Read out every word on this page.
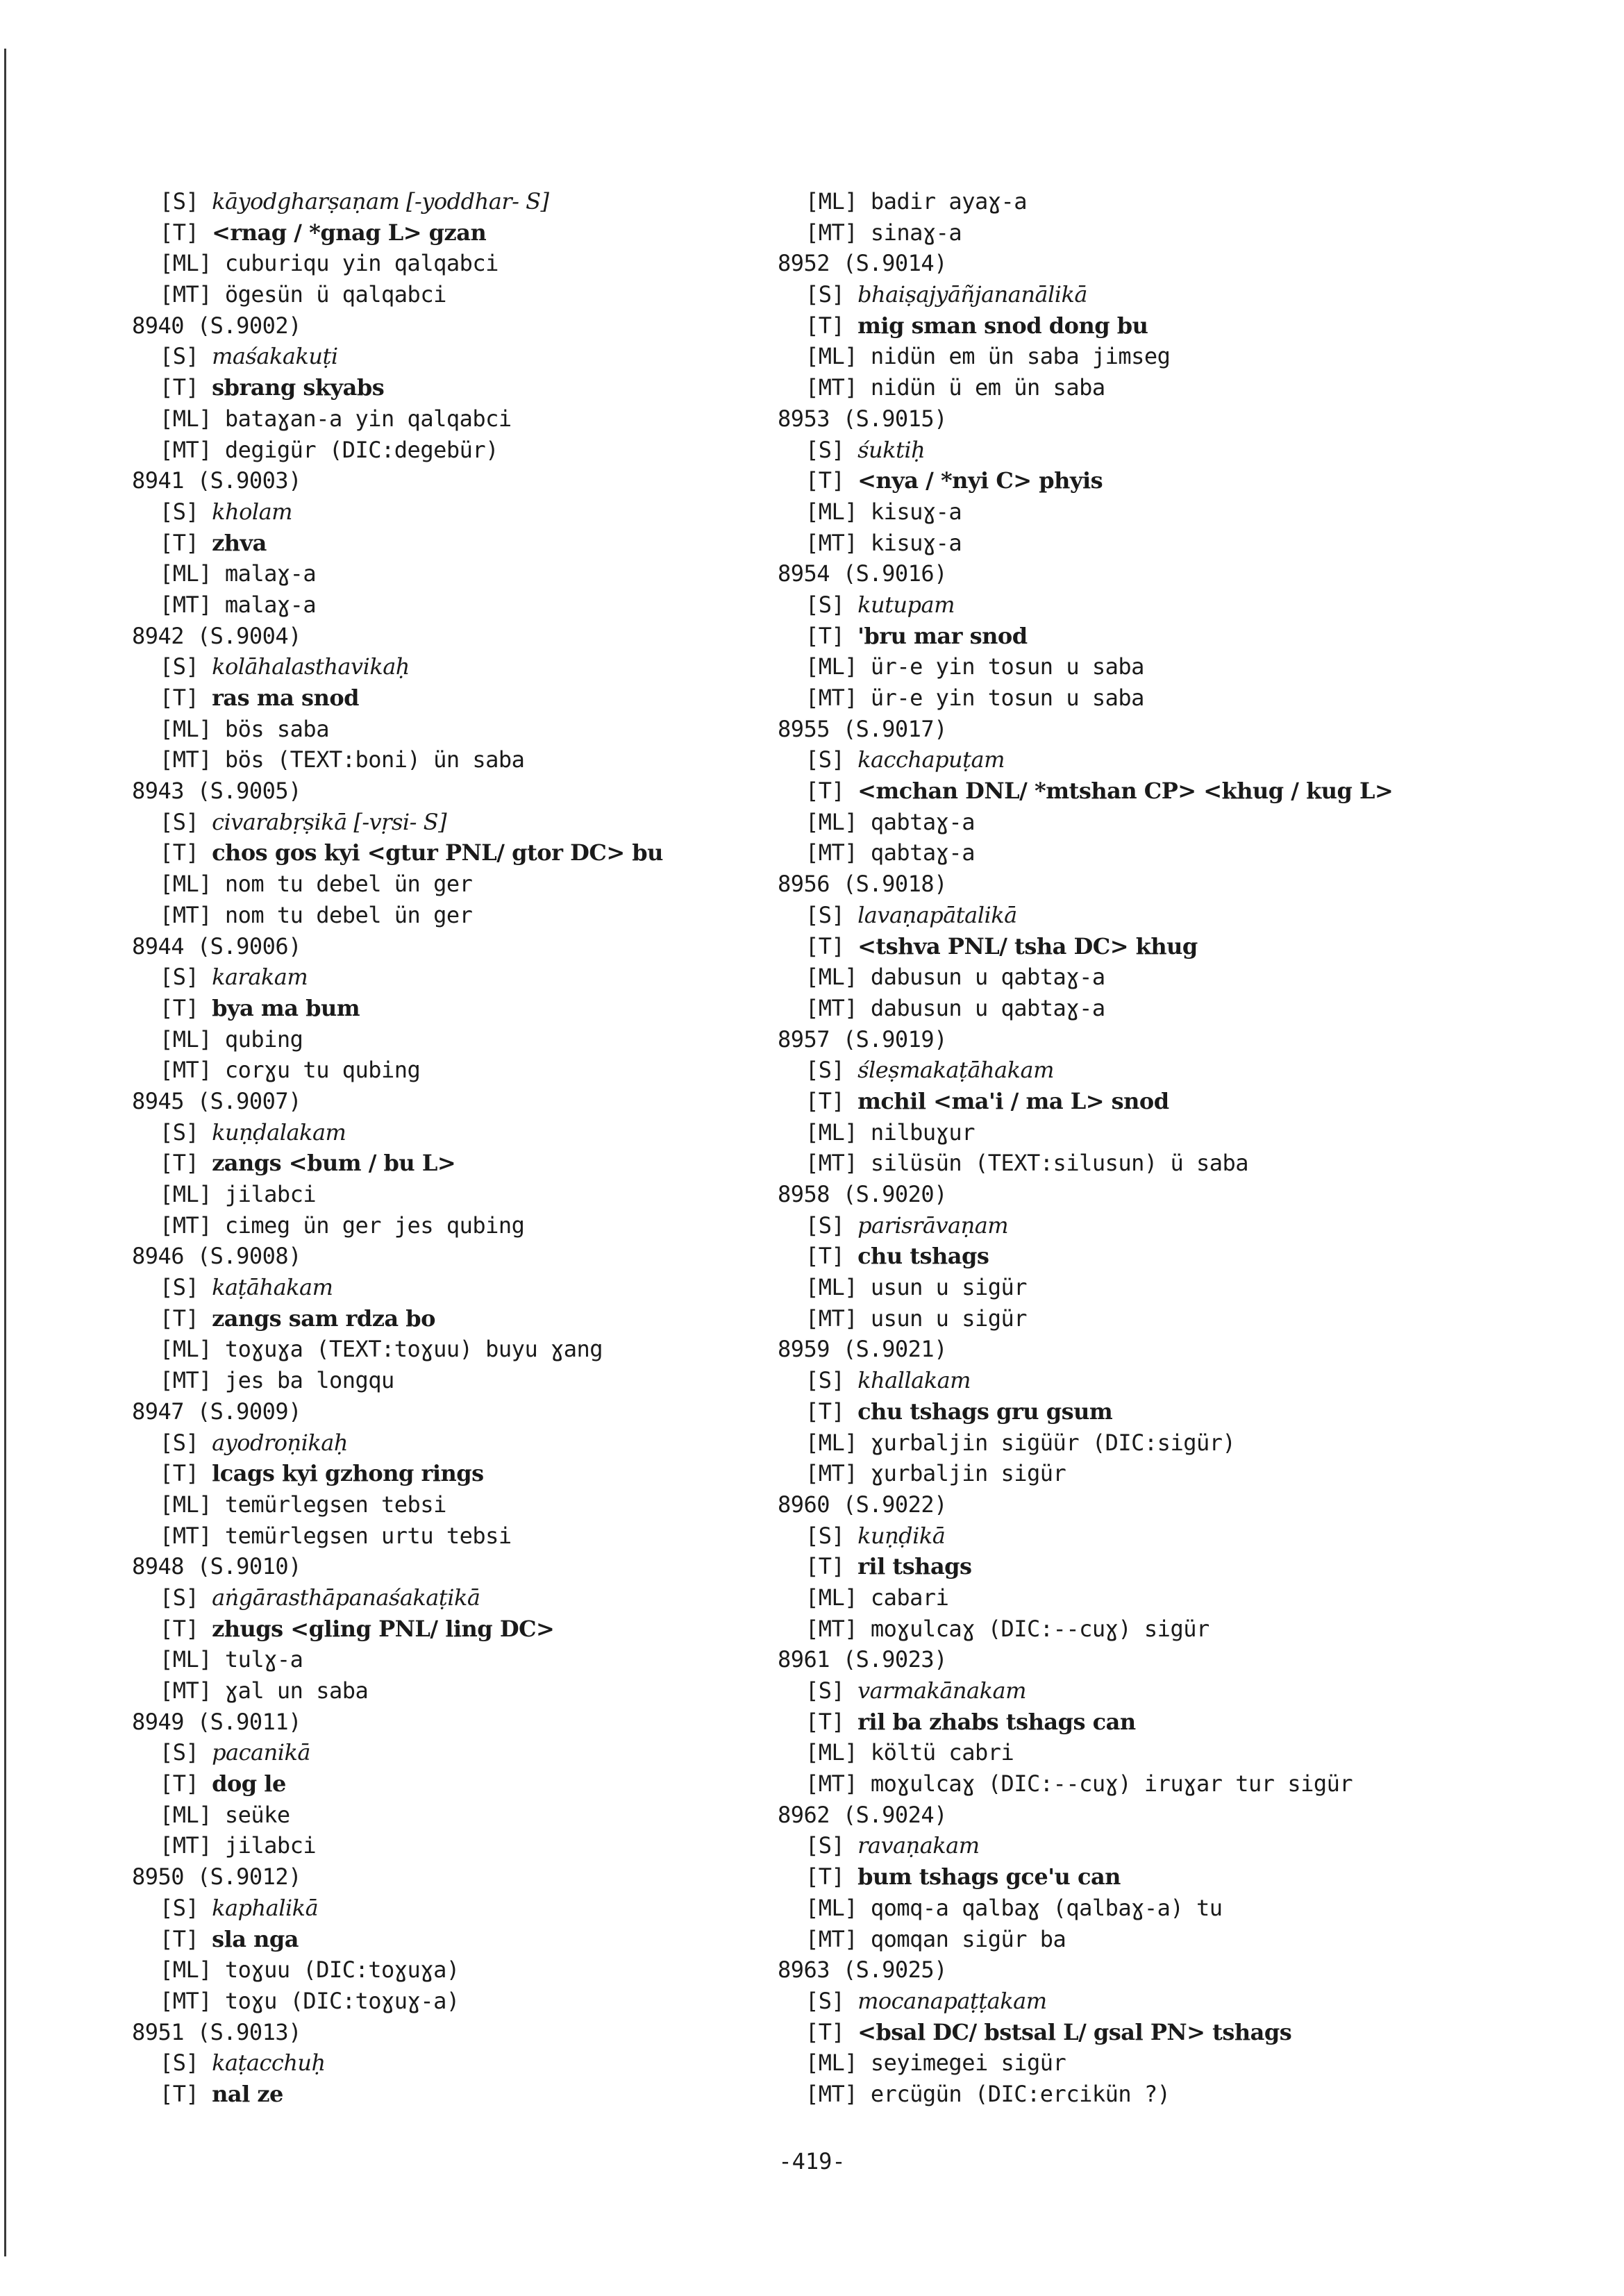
[S] kāyodgharṣaṇam [-yoddhar- S]
[T] <rnag / *gnag L> gzan
[ML] cuburiqu yin qalqabci
[MT] ögesün ü qalqabci
8940 (S.9002)
[S] maśakakuṭi
[T] sbrang skyabs
[ML] bataɣan-a yin qalqabci
[MT] degigür (DIC:degebür)
8941 (S.9003)
[S] kholam
[T] zhva
[ML] malaɣ-a
[MT] malaɣ-a
8942 (S.9004)
[S] kolāhalasthavikaḥ
[T] ras ma snod
[ML] bös saba
[MT] bös (TEXT:boni) ün saba
8943 (S.9005)
[S] civarabṛṣikā [-vṛsi- S]
[T] chos gos kyi <gtur PNL/ gtor DC> bu
[ML] nom tu debel ün ger
[MT] nom tu debel ün ger
8944 (S.9006)
[S] karakam
[T] bya ma bum
[ML] qubing
[MT] corɣu tu qubing
8945 (S.9007)
[S] kuṇḍalakam
[T] zangs <bum / bu L>
[ML] jilabci
[MT] cimeg ün ger jes qubing
8946 (S.9008)
[S] kaṭāhakam
[T] zangs sam rdza bo
[ML] toɣuɣa (TEXT:toɣuu) buyu ɣang
[MT] jes ba longqu
8947 (S.9009)
[S] ayodroṇikaḥ
[T] lcags kyi gzhong rings
[ML] temürlegsen tebsi
[MT] temürlegsen urtu tebsi
8948 (S.9010)
[S] aṅgārasthāpanaśakaṭikā
[T] zhugs <gling PNL/ ling DC>
[ML] tulɣ-a
[MT] ɣal un saba
8949 (S.9011)
[S] pacanikā
[T] dog le
[ML] seüke
[MT] jilabci
8950 (S.9012)
[S] kaphalikā
[T] sla nga
[ML] toɣuu (DIC:toɣuɣa)
[MT] toɣu (DIC:toɣuɣ-a)
8951 (S.9013)
[S] kaṭacchuḥ
[T] nal ze
[ML] badir ayaɣ-a
[MT] sinaɣ-a
8952 (S.9014)
[S] bhaiṣajyāñjananālikā
[T] mig sman snod dong bu
[ML] nidün em ün saba jimseg
[MT] nidün ü em ün saba
8953 (S.9015)
[S] śuktiḥ
[T] <nya / *nyi C> phyis
[ML] kisuɣ-a
[MT] kisuɣ-a
8954 (S.9016)
[S] kutupam
[T] 'bru mar snod
[ML] ür-e yin tosun u saba
[MT] ür-e yin tosun u saba
8955 (S.9017)
[S] kacchapuṭam
[T] <mchan DNL/ *mtshan CP> <khug / kug L>
[ML] qabtaɣ-a
[MT] qabtaɣ-a
8956 (S.9018)
[S] lavaṇapātalikā
[T] <tshva PNL/ tsha DC> khug
[ML] dabusun u qabtaɣ-a
[MT] dabusun u qabtaɣ-a
8957 (S.9019)
[S] śleṣmakaṭāhakam
[T] mchil <ma'i / ma L> snod
[ML] nilbuɣur
[MT] silüsün (TEXT:silusun) ü saba
8958 (S.9020)
[S] parisrāvaṇam
[T] chu tshags
[ML] usun u sigür
[MT] usun u sigür
8959 (S.9021)
[S] khallakam
[T] chu tshags gru gsum
[ML] ɣurbaljin sigüür (DIC:sigür)
[MT] ɣurbaljin sigür
8960 (S.9022)
[S] kuṇḍikā
[T] ril tshags
[ML] cabari
[MT] moɣulcaɣ (DIC:--cuɣ) sigür
8961 (S.9023)
[S] varmakānakam
[T] ril ba zhabs tshags can
[ML] költü cabri
[MT] moɣulcaɣ (DIC:--cuɣ) iruɣar tur sigür
8962 (S.9024)
[S] ravaṇakam
[T] bum tshags gce'u can
[ML] qomq-a qalbaɣ (qalbaɣ-a) tu
[MT] qomqan sigür ba
8963 (S.9025)
[S] mocanapaṭṭakam
[T] <bsal DC/ bstsal L/ gsal PN> tshags
[ML] seyimegei sigür
[MT] ercügün (DIC:ercikün ?)
-419-
